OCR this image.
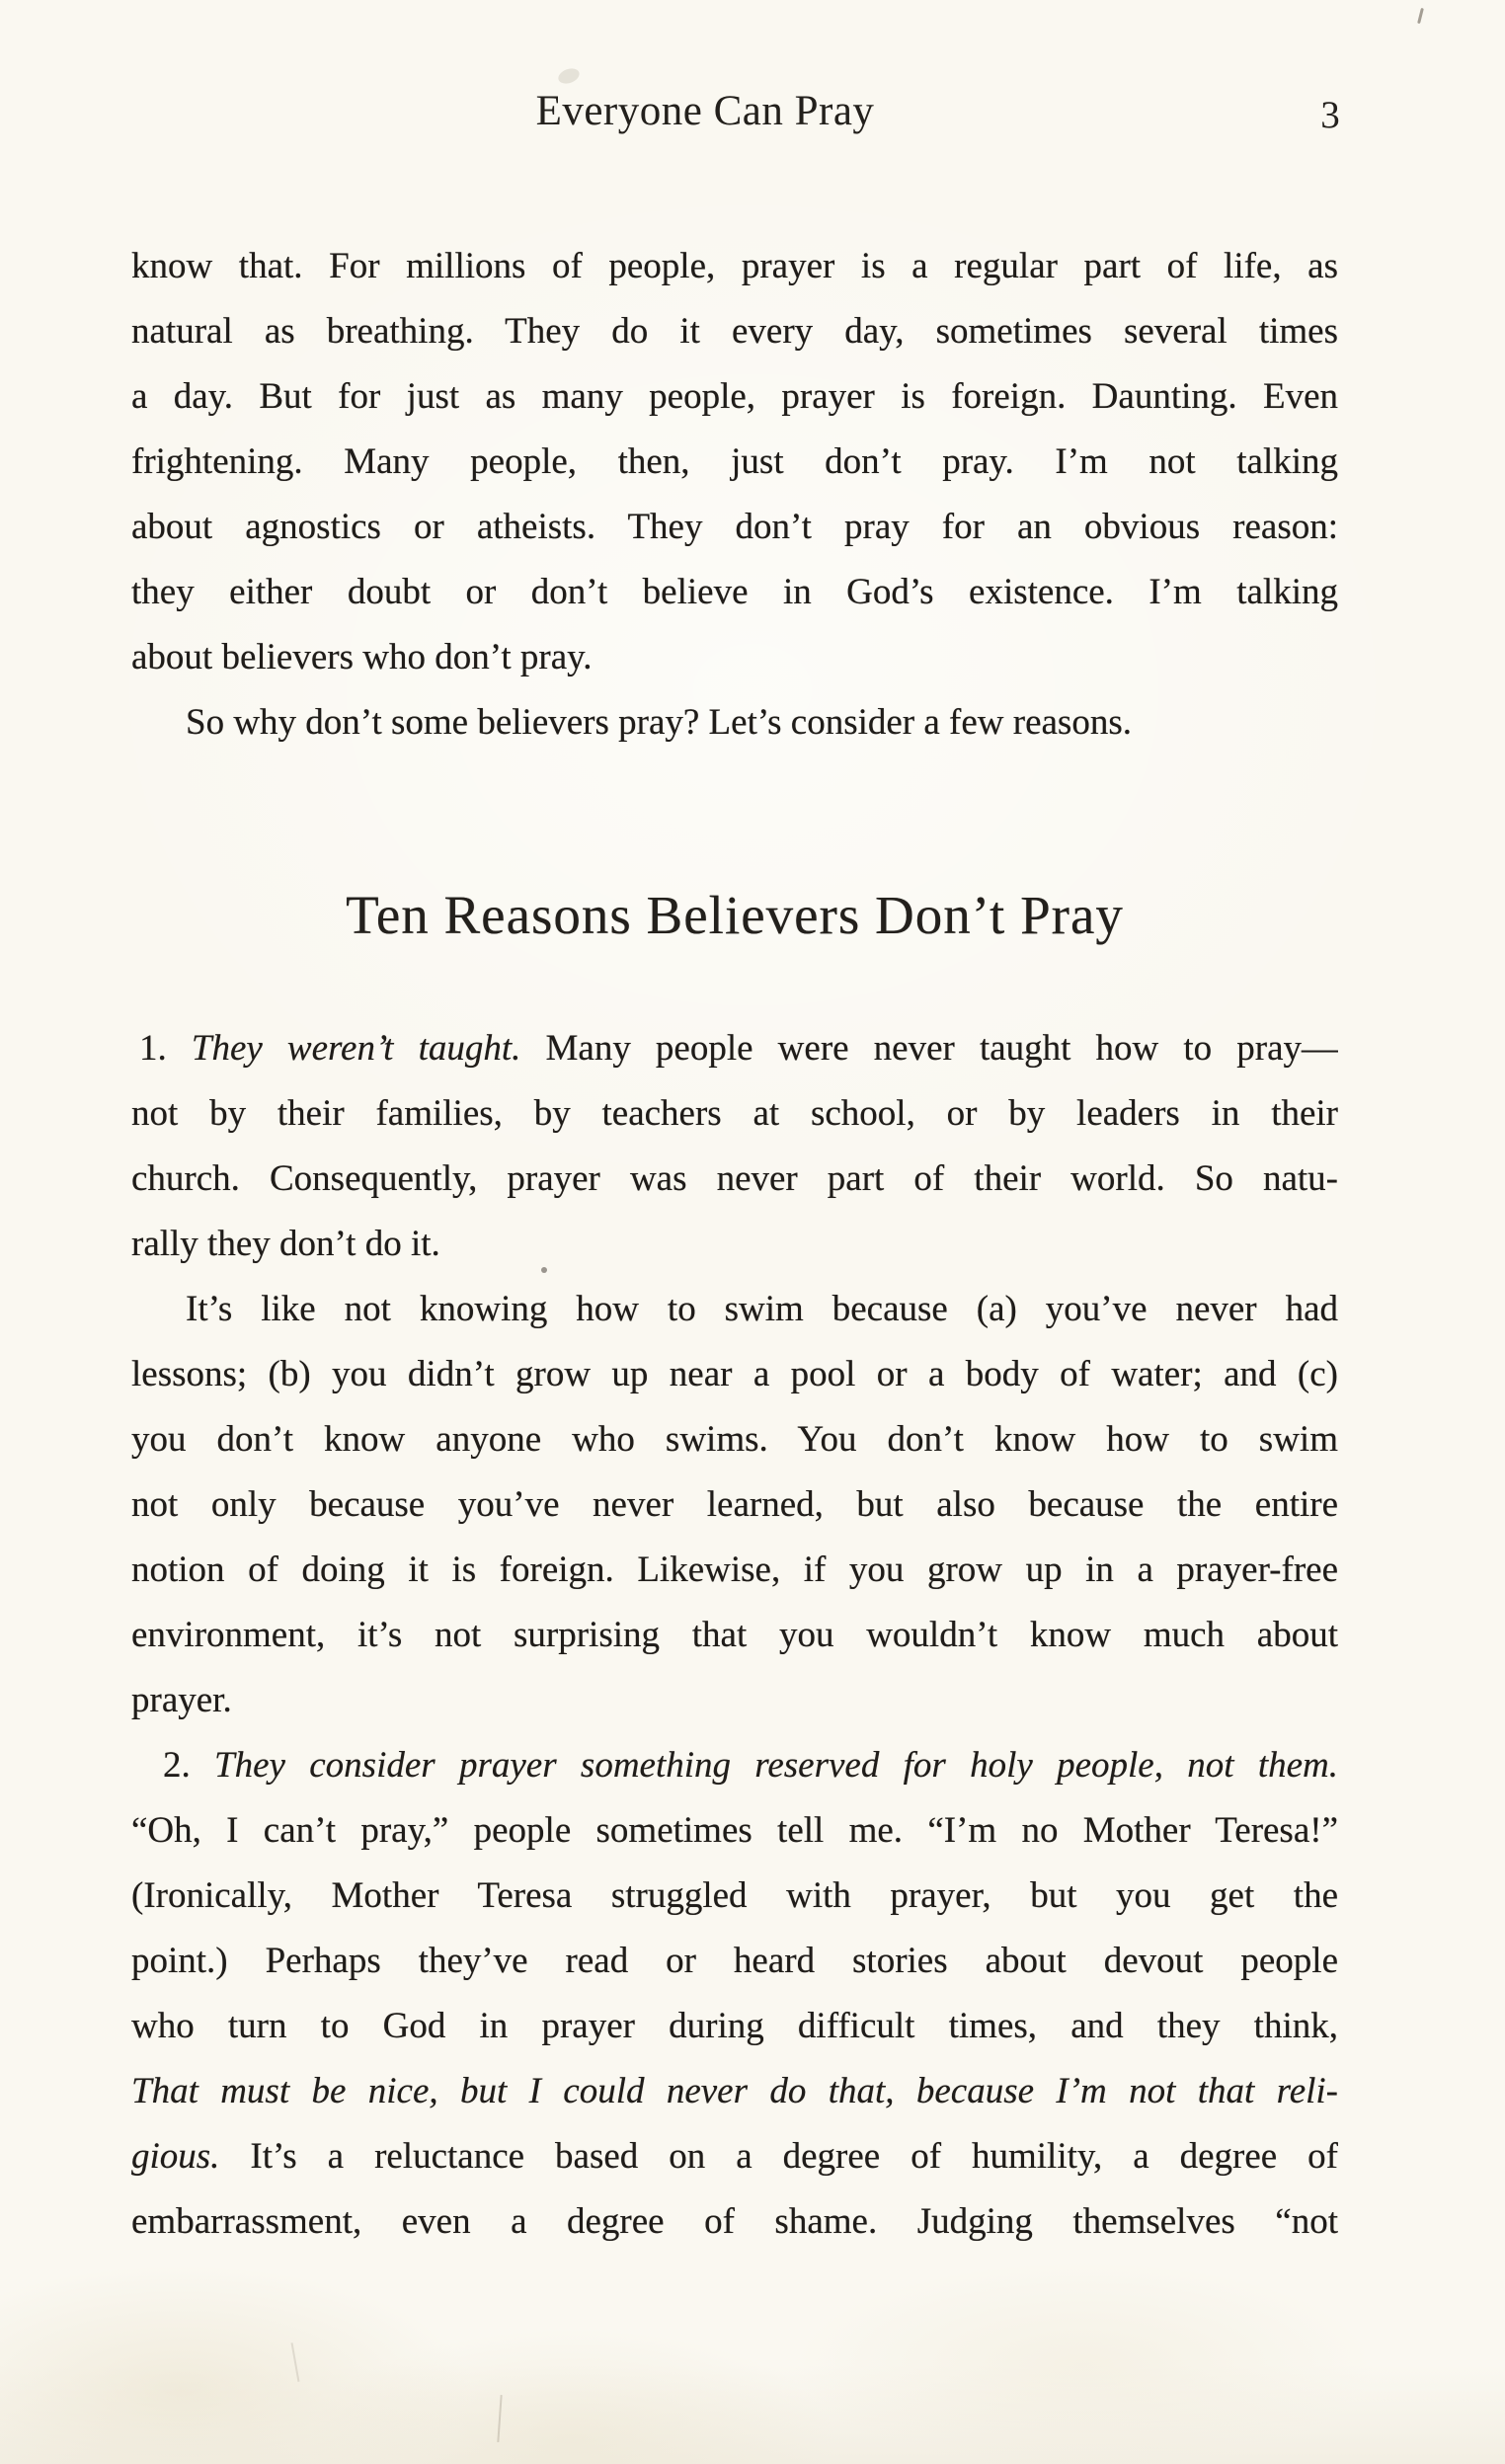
Everyone Can Pray	3
know that. For millions of people, prayer is a regular part of life, as
natural as breathing. They do it every day, sometimes several times
a day. But for just as many people, prayer is foreign. Daunting. Even
frightening. Many people, then, just don’t pray. I’m not talking
about agnostics or atheists. They don’t pray for an obvious reason:
they either doubt or don’t believe in God’s existence. I’m talking
about believers who don’t pray.
So why don’t some believers pray? Let’s consider a few reasons.
Ten Reasons Believers Don’t Pray
1. They weren’t taught. Many people were never taught how to pray—
not by their families, by teachers at school, or by leaders in their
church. Consequently, prayer was never part of their world. So natu-
rally they don’t do it.
It’s like not knowing how to swim because (a) you’ve never had
lessons; (b) you didn’t grow up near a pool or a body of water; and (c)
you don’t know anyone who swims. You don’t know how to swim
not only because you’ve never learned, but also because the entire
notion of doing it is foreign. Likewise, if you grow up in a prayer-free
environment, it’s not surprising that you wouldn’t know much about
prayer.
2. They consider prayer something reserved for holy people, not them.
“Oh, I can’t pray,” people sometimes tell me. “I’m no Mother Teresa!”
(Ironically, Mother Teresa struggled with prayer, but you get the
point.) Perhaps they’ve read or heard stories about devout people
who turn to God in prayer during difficult times, and they think,
That must be nice, but I could never do that, because I’m not that reli-
gious. It’s a reluctance based on a degree of humility, a degree of
embarrassment, even a degree of shame. Judging themselves “not
